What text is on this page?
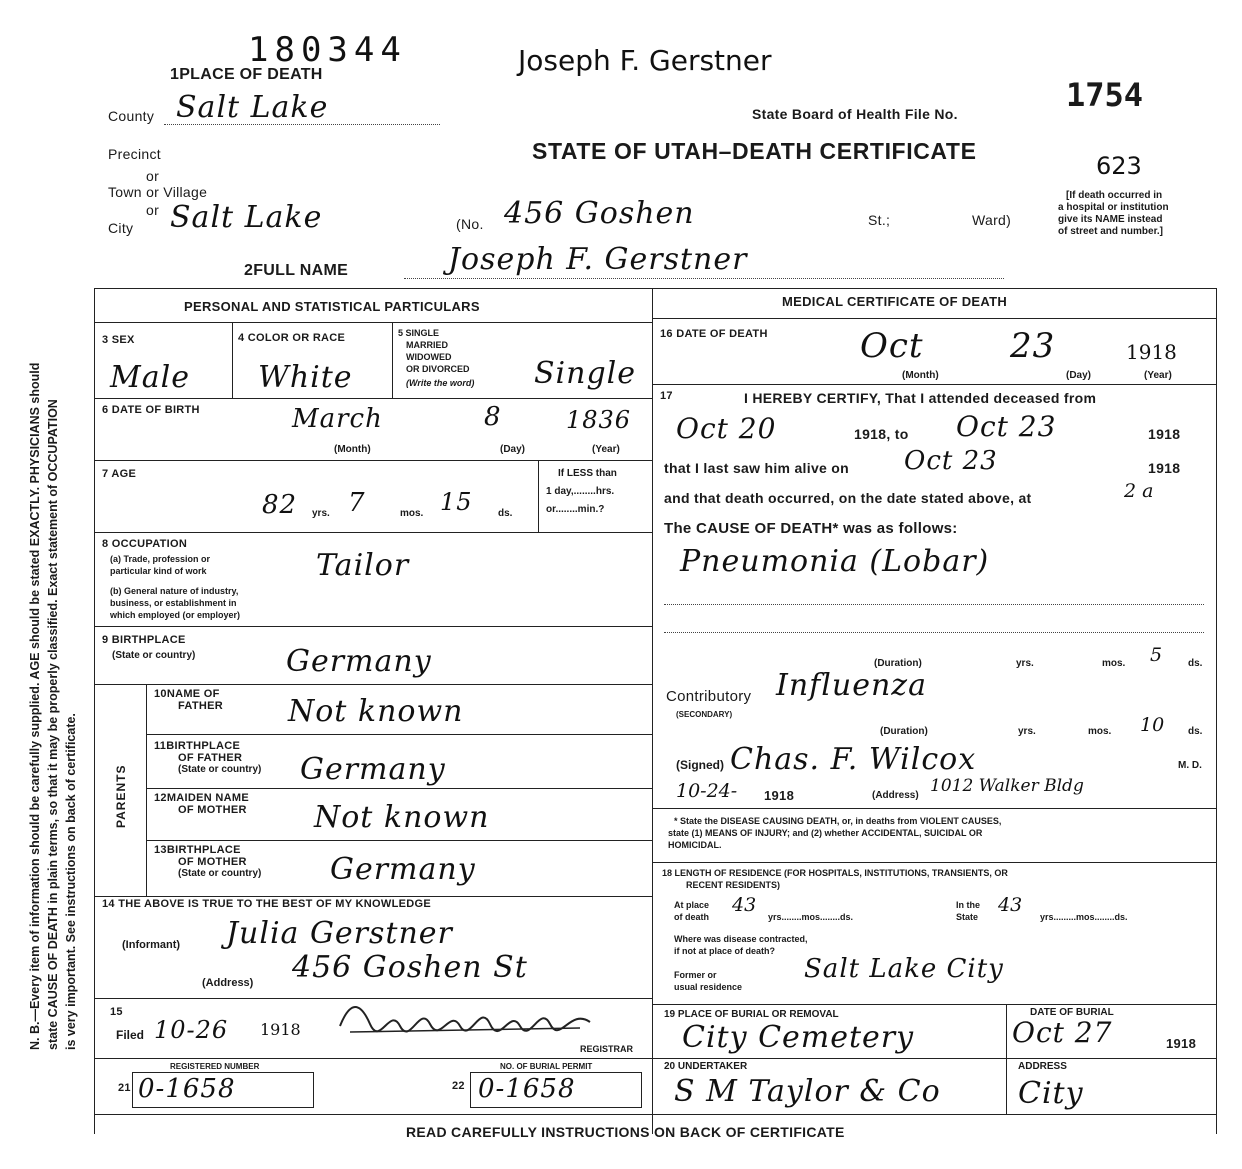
N. B.—Every item of information should be carefully supplied. AGE should be stated EXACTLY. PHYSICIANS should state CAUSE OF DEATH in plain terms, so that it may be properly classified. Exact statement of OCCUPATION is very important. See instructions on back of certificate.
180344	Joseph F. Gerstner
1PLACE OF DEATH
State Board of Health File No.	1754
STATE OF UTAH–DEATH CERTIFICATE
623
County Salt Lake
Precinct
or
Town or Village
or
City Salt Lake	(No. 456 Goshen	St.;	Ward)
[If death occurred in
a hospital or institution
give its NAME instead
of street and number.]
2FULL NAME	Joseph F. Gerstner
PERSONAL AND STATISTICAL PARTICULARS	MEDICAL CERTIFICATE OF DEATH
3 SEX	4 COLOR OR RACE	5 SINGLE
MARRIED
WIDOWED
OR DIVORCED
(Write the word)
Male White	Single
6 DATE OF BIRTH	March	8	1836
(Month)	(Day)	(Year)
7 AGE
82 yrs. 7	mos. 15	ds.
If LESS than
1 day,........hrs.
or........min.?
8 OCCUPATION
(a) Trade, profession or
particular kind of work	Tailor
(b) General nature of industry,
business, or establishment in
which employed (or employer)
9 BIRTHPLACE
(State or country)	Germany
PARENTS
10NAME OF
FATHER Not known
11BIRTHPLACE
OF FATHER
(State or country) Germany
12MAIDEN NAME
OF MOTHER Not known
13BIRTHPLACE
OF MOTHER
(State or country) Germany
14 THE ABOVE IS TRUE TO THE BEST OF MY KNOWLEDGE
(Informant) Julia Gerstner
(Address) 456 Goshen St
15
Filed 10-26 1918
REGISTRAR
REGISTERED NUMBER
21 0-1658
NO. OF BURIAL PERMIT
22 0-1658
16 DATE OF DEATH	Oct	23	1918
(Month)	(Day)	(Year)
17	I HEREBY CERTIFY, That I attended deceased from
Oct 20	1918, to Oct 23	1918
that I last saw him alive on Oct 23	1918
and that death occurred, on the date stated above, at	2 a
The CAUSE OF DEATH* was as follows:
Pneumonia (Lobar)
(Duration)	yrs.	mos. 5	ds.
Contributory
(SECONDARY)
Influenza
(Duration)	yrs.	mos. 10 ds.
(Signed) Chas. F. Wilcox	M. D.
10-24- 1918	(Address) 1012 Walker Bldg
* State the DISEASE CAUSING DEATH, or, in deaths from VIOLENT CAUSES,
state (1) MEANS OF INJURY; and (2) whether ACCIDENTAL, SUICIDAL OR
HOMICIDAL.
18 LENGTH OF RESIDENCE (FOR HOSPITALS, INSTITUTIONS, TRANSIENTS, OR
RECENT RESIDENTS)
At place
of death
43
yrs........mos........ds.
In the
State
43
yrs.........mos........ds.
Where was disease contracted,
if not at place of death?
Former or
usual residence
Salt Lake City
19 PLACE OF BURIAL OR REMOVAL
City Cemetery
DATE OF BURIAL
Oct 27	1918
20 UNDERTAKER
S M Taylor & Co
ADDRESS
City
READ CAREFULLY INSTRUCTIONS ON BACK OF CERTIFICATE
